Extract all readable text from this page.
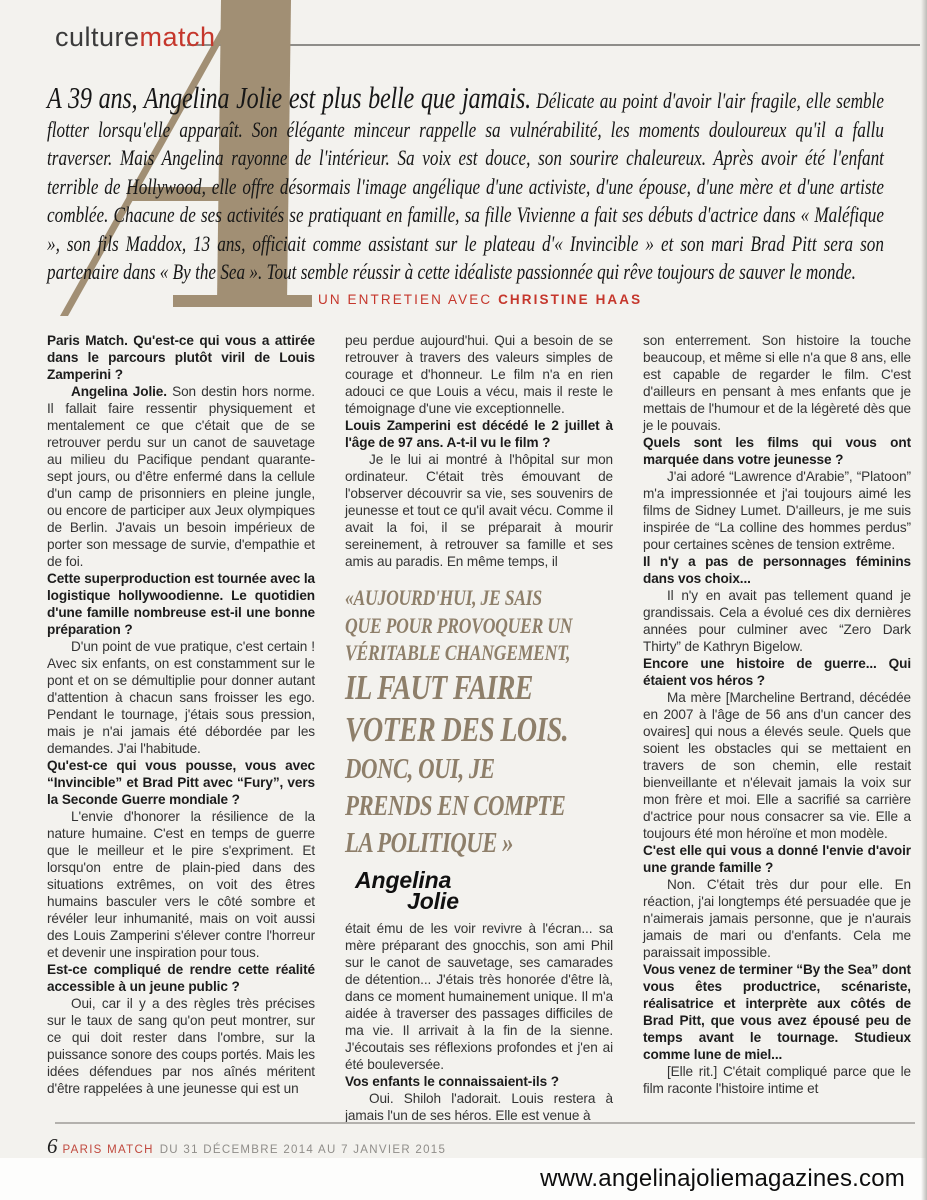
culturematch

A 39 ans, Angelina Jolie est plus belle que jamais. Délicate au point d'avoir l'air fragile, elle semble flotter lorsqu'elle apparaît. Son élégante minceur rappelle sa vulnérabilité, les moments douloureux qu'il a fallu traverser. Mais Angelina rayonne de l'intérieur. Sa voix est douce, son sourire chaleureux. Après avoir été l'enfant terrible de Hollywood, elle offre désormais l'image angélique d'une activiste, d'une épouse, d'une mère et d'une artiste comblée. Chacune de ses activités se pratiquant en famille, sa fille Vivienne a fait ses débuts d'actrice dans « Maléfique », son fils Maddox, 13 ans, officiait comme assistant sur le plateau d'« Invincible » et son mari Brad Pitt sera son partenaire dans « By the Sea ». Tout semble réussir à cette idéaliste passionnée qui rêve toujours de sauver le monde.

UN ENTRETIEN AVEC CHRISTINE HAAS

Paris Match. Qu'est-ce qui vous a attirée dans le parcours plutôt viril de Louis Zamperini ?

Angelina Jolie. Son destin hors norme. Il fallait faire ressentir physiquement et mentalement ce que c'était que de se retrouver perdu sur un canot de sauvetage au milieu du Pacifique pendant quarante-sept jours, ou d'être enfermé dans la cellule d'un camp de prisonniers en pleine jungle, ou encore de participer aux Jeux olympiques de Berlin. J'avais un besoin impérieux de porter son message de survie, d'empathie et de foi.

Cette superproduction est tournée avec la logistique hollywoodienne. Le quotidien d'une famille nombreuse est-il une bonne préparation ?

D'un point de vue pratique, c'est certain ! Avec six enfants, on est constamment sur le pont et on se démultiplie pour donner autant d'attention à chacun sans froisser les ego. Pendant le tournage, j'étais sous pression, mais je n'ai jamais été débordée par les demandes. J'ai l'habitude.

Qu'est-ce qui vous pousse, vous avec “Invincible” et Brad Pitt avec “Fury”, vers la Seconde Guerre mondiale ?

L'envie d'honorer la résilience de la nature humaine. C'est en temps de guerre que le meilleur et le pire s'expriment. Et lorsqu'on entre de plain-pied dans des situations extrêmes, on voit des êtres humains basculer vers le côté sombre et révéler leur inhumanité, mais on voit aussi des Louis Zamperini s'élever contre l'horreur et devenir une inspiration pour tous.

Est-ce compliqué de rendre cette réalité accessible à un jeune public ?

Oui, car il y a des règles très précises sur le taux de sang qu'on peut montrer, sur ce qui doit rester dans l'ombre, sur la puissance sonore des coups portés. Mais les idées défendues par nos aînés méritent d'être rappelées à une jeunesse qui est un

peu perdue aujourd'hui. Qui a besoin de se retrouver à travers des valeurs simples de courage et d'honneur. Le film n'a en rien adouci ce que Louis a vécu, mais il reste le témoignage d'une vie exceptionnelle.

Louis Zamperini est décédé le 2 juillet à l'âge de 97 ans. A-t-il vu le film ?

Je le lui ai montré à l'hôpital sur mon ordinateur. C'était très émouvant de l'observer découvrir sa vie, ses souvenirs de jeunesse et tout ce qu'il avait vécu. Comme il avait la foi, il se préparait à mourir sereinement, à retrouver sa famille et ses amis au paradis. En même temps, il

«AUJOURD'HUI, JE SAIS
QUE POUR PROVOQUER UN
VÉRITABLE CHANGEMENT,
IL FAUT FAIRE
VOTER DES LOIS.
DONC, OUI, JE
PRENDS EN COMPTE
LA POLITIQUE »
Angelina
Jolie

était ému de les voir revivre à l'écran... sa mère préparant des gnocchis, son ami Phil sur le canot de sauvetage, ses camarades de détention... J'étais très honorée d'être là, dans ce moment humainement unique. Il m'a aidée à traverser des passages difficiles de ma vie. Il arrivait à la fin de la sienne. J'écoutais ses réflexions profondes et j'en ai été bouleversée.

Vos enfants le connaissaient-ils ?

Oui. Shiloh l'adorait. Louis restera à jamais l'un de ses héros. Elle est venue à

son enterrement. Son histoire la touche beaucoup, et même si elle n'a que 8 ans, elle est capable de regarder le film. C'est d'ailleurs en pensant à mes enfants que je mettais de l'humour et de la légèreté dès que je le pouvais.

Quels sont les films qui vous ont marquée dans votre jeunesse ?

J'ai adoré “Lawrence d'Arabie”, “Platoon” m'a impressionnée et j'ai toujours aimé les films de Sidney Lumet. D'ailleurs, je me suis inspirée de “La colline des hommes perdus” pour certaines scènes de tension extrême.

Il n'y a pas de personnages féminins dans vos choix...

Il n'y en avait pas tellement quand je grandissais. Cela a évolué ces dix dernières années pour culminer avec “Zero Dark Thirty” de Kathryn Bigelow.

Encore une histoire de guerre... Qui étaient vos héros ?

Ma mère [Marcheline Bertrand, décédée en 2007 à l'âge de 56 ans d'un cancer des ovaires] qui nous a élevés seule. Quels que soient les obstacles qui se mettaient en travers de son chemin, elle restait bienveillante et n'élevait jamais la voix sur mon frère et moi. Elle a sacrifié sa carrière d'actrice pour nous consacrer sa vie. Elle a toujours été mon héroïne et mon modèle.

C'est elle qui vous a donné l'envie d'avoir une grande famille ?

Non. C'était très dur pour elle. En réaction, j'ai longtemps été persuadée que je n'aimerais jamais personne, que je n'aurais jamais de mari ou d'enfants. Cela me paraissait impossible.

Vous venez de terminer “By the Sea” dont vous êtes productrice, scénariste, réalisatrice et interprète aux côtés de Brad Pitt, que vous avez épousé peu de temps avant le tournage. Studieux comme lune de miel...

[Elle rit.] C'était compliqué parce que le film raconte l'histoire intime et

6 PARIS MATCH DU 31 DÉCEMBRE 2014 AU 7 JANVIER 2015
www.angelinajoliemagazines.com
